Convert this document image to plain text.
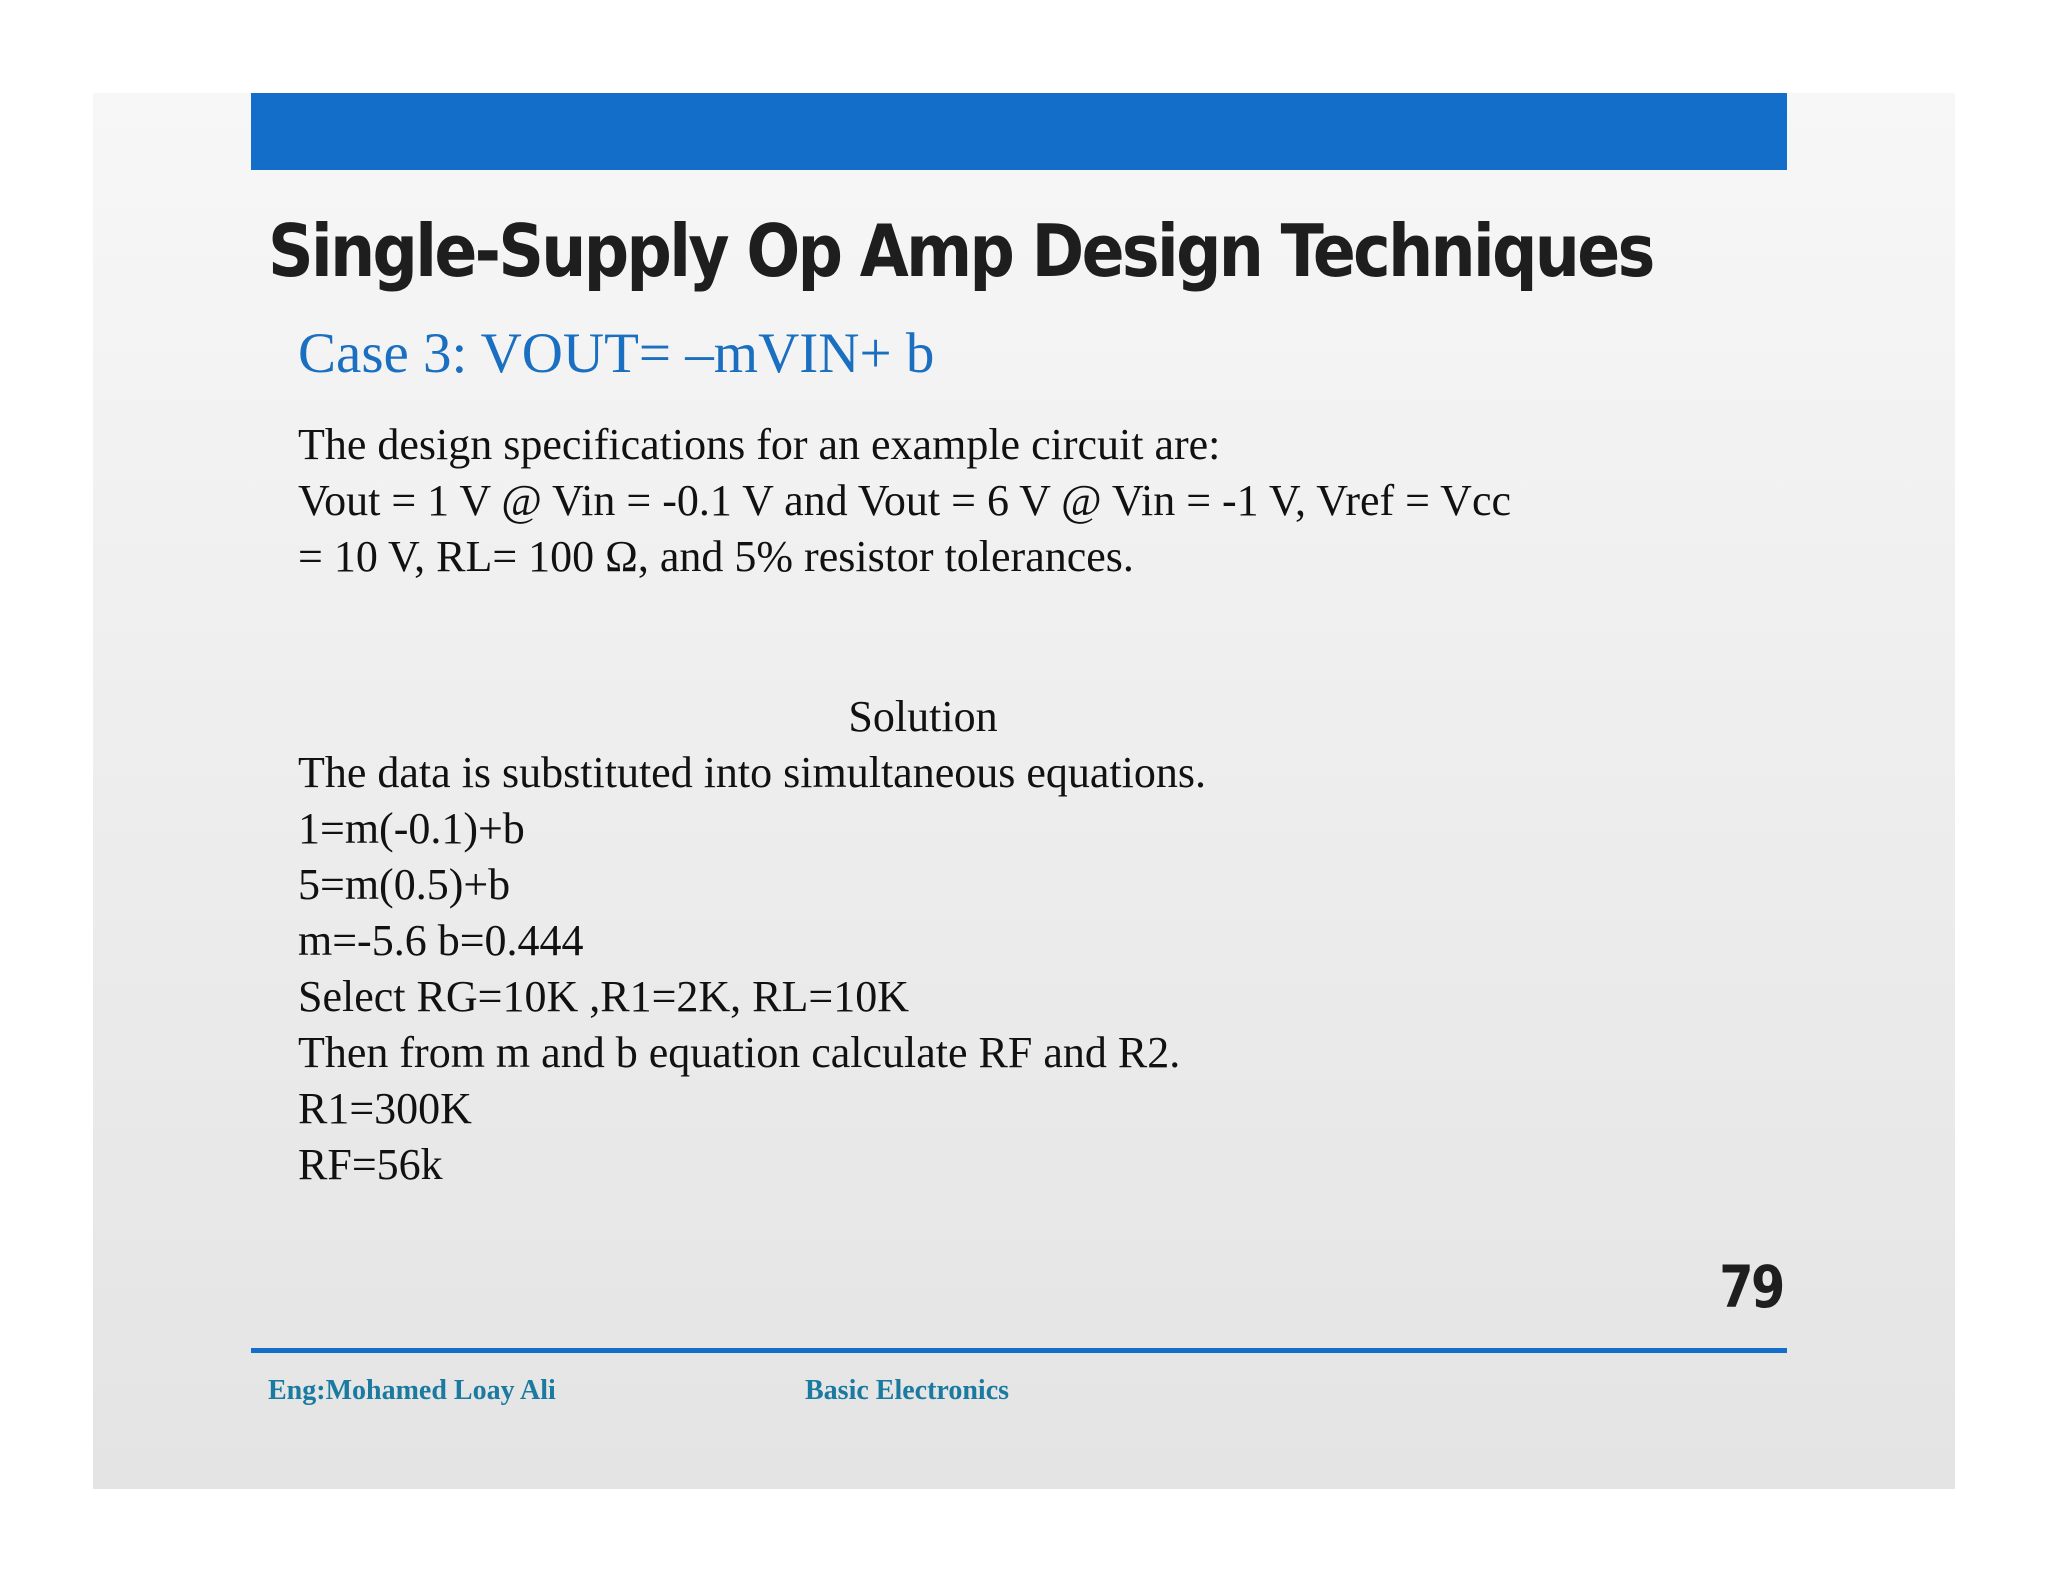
Single-Supply Op Amp Design Techniques
Case 3: VOUT= –mVIN+ b
The design specifications for an example circuit are:
Vout = 1 V @ Vin = -0.1 V and Vout = 6 V @ Vin = -1 V, Vref = Vcc
= 10 V, RL= 100 Ω, and 5% resistor tolerances.
Solution
The data is substituted into simultaneous equations.
1=m(-0.1)+b
5=m(0.5)+b
m=-5.6 b=0.444
Select RG=10K ,R1=2K, RL=10K
Then from m and b equation calculate RF and R2.
R1=300K
RF=56k
79
Eng:Mohamed Loay Ali	Basic Electronics
